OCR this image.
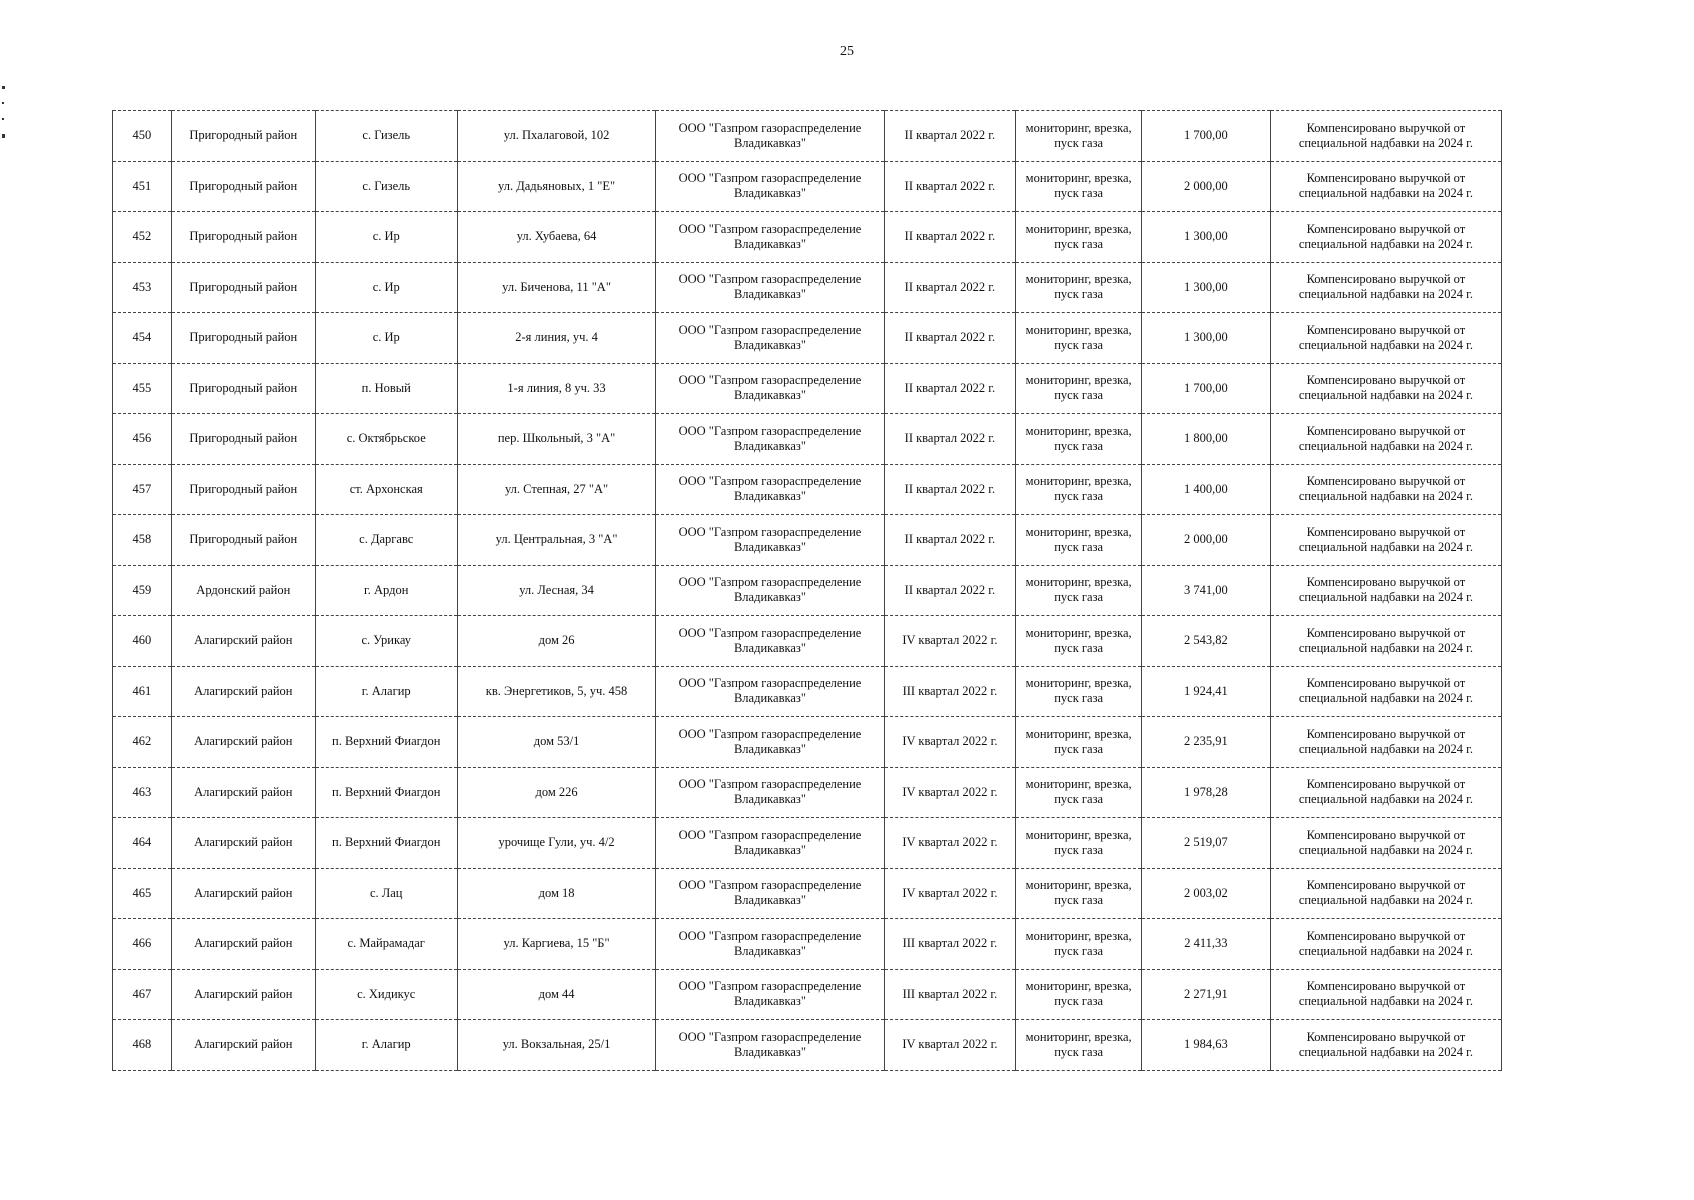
25
450	Пригородный район	с. Гизель	ул. Пхалаговой, 102	ООО "Газпром газораспределение Владикавказ"	II квартал 2022 г.	мониторинг, врезка, пуск газа	1 700,00	Компенсировано выручкой от специальной надбавки на 2024 г.
451	Пригородный район	с. Гизель	ул. Дадьяновых, 1 "Е"	ООО "Газпром газораспределение Владикавказ"	II квартал 2022 г.	мониторинг, врезка, пуск газа	2 000,00	Компенсировано выручкой от специальной надбавки на 2024 г.
452	Пригородный район	с. Ир	ул. Хубаева, 64	ООО "Газпром газораспределение Владикавказ"	II квартал 2022 г.	мониторинг, врезка, пуск газа	1 300,00	Компенсировано выручкой от специальной надбавки на 2024 г.
453	Пригородный район	с. Ир	ул. Биченова, 11 "А"	ООО "Газпром газораспределение Владикавказ"	II квартал 2022 г.	мониторинг, врезка, пуск газа	1 300,00	Компенсировано выручкой от специальной надбавки на 2024 г.
454	Пригородный район	с. Ир	2-я линия, уч. 4	ООО "Газпром газораспределение Владикавказ"	II квартал 2022 г.	мониторинг, врезка, пуск газа	1 300,00	Компенсировано выручкой от специальной надбавки на 2024 г.
455	Пригородный район	п. Новый	1-я линия, 8 уч. 33	ООО "Газпром газораспределение Владикавказ"	II квартал 2022 г.	мониторинг, врезка, пуск газа	1 700,00	Компенсировано выручкой от специальной надбавки на 2024 г.
456	Пригородный район	с. Октябрьское	пер. Школьный, 3 "А"	ООО "Газпром газораспределение Владикавказ"	II квартал 2022 г.	мониторинг, врезка, пуск газа	1 800,00	Компенсировано выручкой от специальной надбавки на 2024 г.
457	Пригородный район	ст. Архонская	ул. Степная, 27 "А"	ООО "Газпром газораспределение Владикавказ"	II квартал 2022 г.	мониторинг, врезка, пуск газа	1 400,00	Компенсировано выручкой от специальной надбавки на 2024 г.
458	Пригородный район	с. Даргавс	ул. Центральная, 3 "А"	ООО "Газпром газораспределение Владикавказ"	II квартал 2022 г.	мониторинг, врезка, пуск газа	2 000,00	Компенсировано выручкой от специальной надбавки на 2024 г.
459	Ардонский район	г. Ардон	ул. Лесная, 34	ООО "Газпром газораспределение Владикавказ"	II квартал 2022 г.	мониторинг, врезка, пуск газа	3 741,00	Компенсировано выручкой от специальной надбавки на 2024 г.
460	Алагирский район	с. Урикау	дом 26	ООО "Газпром газораспределение Владикавказ"	IV квартал 2022 г.	мониторинг, врезка, пуск газа	2 543,82	Компенсировано выручкой от специальной надбавки на 2024 г.
461	Алагирский район	г. Алагир	кв. Энергетиков, 5, уч. 458	ООО "Газпром газораспределение Владикавказ"	III квартал 2022 г.	мониторинг, врезка, пуск газа	1 924,41	Компенсировано выручкой от специальной надбавки на 2024 г.
462	Алагирский район	п. Верхний Фиагдон	дом 53/1	ООО "Газпром газораспределение Владикавказ"	IV квартал 2022 г.	мониторинг, врезка, пуск газа	2 235,91	Компенсировано выручкой от специальной надбавки на 2024 г.
463	Алагирский район	п. Верхний Фиагдон	дом 226	ООО "Газпром газораспределение Владикавказ"	IV квартал 2022 г.	мониторинг, врезка, пуск газа	1 978,28	Компенсировано выручкой от специальной надбавки на 2024 г.
464	Алагирский район	п. Верхний Фиагдон	урочище Гули, уч. 4/2	ООО "Газпром газораспределение Владикавказ"	IV квартал 2022 г.	мониторинг, врезка, пуск газа	2 519,07	Компенсировано выручкой от специальной надбавки на 2024 г.
465	Алагирский район	с. Лац	дом 18	ООО "Газпром газораспределение Владикавказ"	IV квартал 2022 г.	мониторинг, врезка, пуск газа	2 003,02	Компенсировано выручкой от специальной надбавки на 2024 г.
466	Алагирский район	с. Майрамадаг	ул. Каргиева, 15 "Б"	ООО "Газпром газораспределение Владикавказ"	III квартал 2022 г.	мониторинг, врезка, пуск газа	2 411,33	Компенсировано выручкой от специальной надбавки на 2024 г.
467	Алагирский район	с. Хидикус	дом 44	ООО "Газпром газораспределение Владикавказ"	III квартал 2022 г.	мониторинг, врезка, пуск газа	2 271,91	Компенсировано выручкой от специальной надбавки на 2024 г.
468	Алагирский район	г. Алагир	ул. Вокзальная, 25/1	ООО "Газпром газораспределение Владикавказ"	IV квартал 2022 г.	мониторинг, врезка, пуск газа	1 984,63	Компенсировано выручкой от специальной надбавки на 2024 г.
